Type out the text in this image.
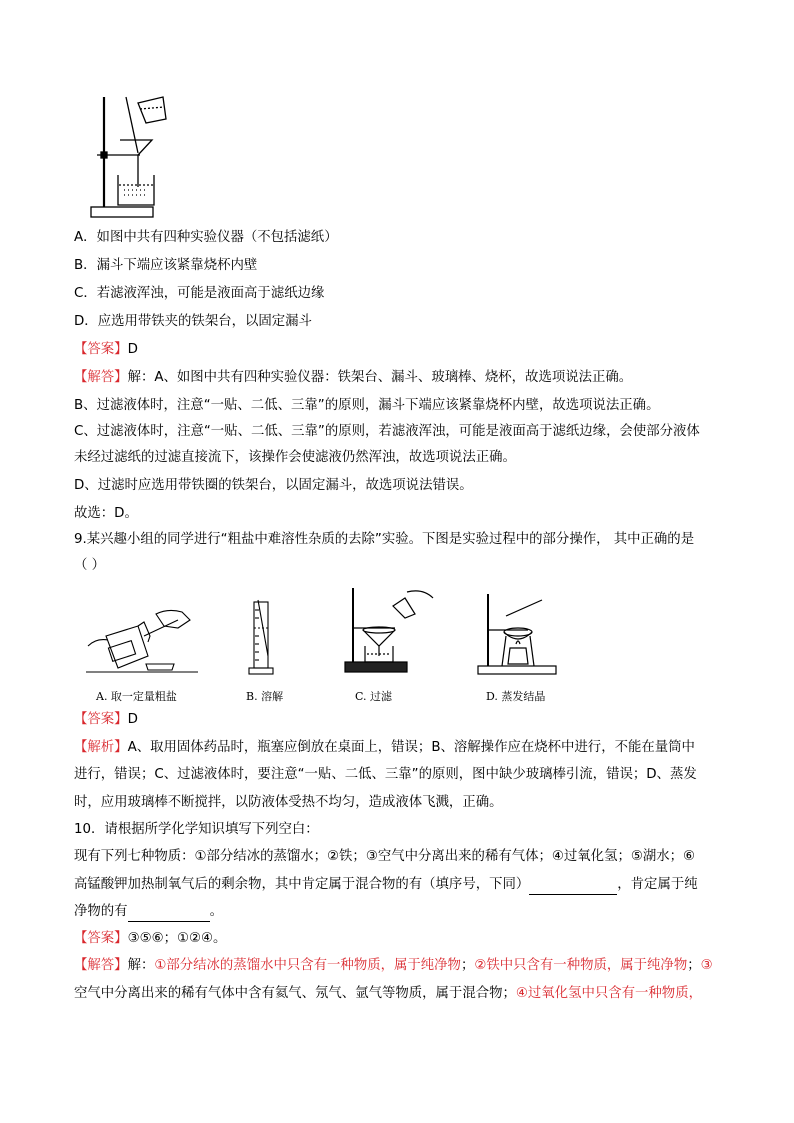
A．如图中共有四种实验仪器（不包括滤纸）
B．漏斗下端应该紧靠烧杯内壁
C．若滤液浑浊，可能是液面高于滤纸边缘
D．应选用带铁夹的铁架台，以固定漏斗
【答案】D
【解答】解：A、如图中共有四种实验仪器：铁架台、漏斗、玻璃棒、烧杯，故选项说法正确。
B、过滤液体时，注意“一贴、二低、三靠”的原则，漏斗下端应该紧靠烧杯内壁，故选项说法正确。
C、过滤液体时，注意“一贴、二低、三靠”的原则，若滤液浑浊，可能是液面高于滤纸边缘，会使部分液体
未经过滤纸的过滤直接流下，该操作会使滤液仍然浑浊，故选项说法正确。
D、过滤时应选用带铁圈的铁架台，以固定漏斗，故选项说法错误。
故选：D。
9.某兴趣小组的同学进行“粗盐中难溶性杂质的去除”实验。下图是实验过程中的部分操作， 其中正确的是
（ ）
A. 取一定量粗盐	B. 溶解	C. 过滤	D. 蒸发结晶
【答案】D
【解析】A、取用固体药品时，瓶塞应倒放在桌面上，错误；B、溶解操作应在烧杯中进行，不能在量筒中
进行，错误；C、过滤液体时，要注意“一贴、二低、三靠”的原则，图中缺少玻璃棒引流，错误；D、蒸发
时，应用玻璃棒不断搅拌，以防液体受热不均匀，造成液体飞溅，正确。
10．请根据所学化学知识填写下列空白：
现有下列七种物质：①部分结冰的蒸馏水；②铁；③空气中分离出来的稀有气体；④过氧化氢；⑤湖水；⑥
高锰酸钾加热制氧气后的剩余物，其中肯定属于混合物的有（填序号，下同）	，肯定属于纯
净物的有	。
【答案】③⑤⑥；①②④。
【解答】解：①部分结冰的蒸馏水中只含有一种物质，属于纯净物；②铁中只含有一种物质，属于纯净物；③
空气中分离出来的稀有气体中含有氦气、氖气、氩气等物质，属于混合物；④过氧化氢中只含有一种物质，
